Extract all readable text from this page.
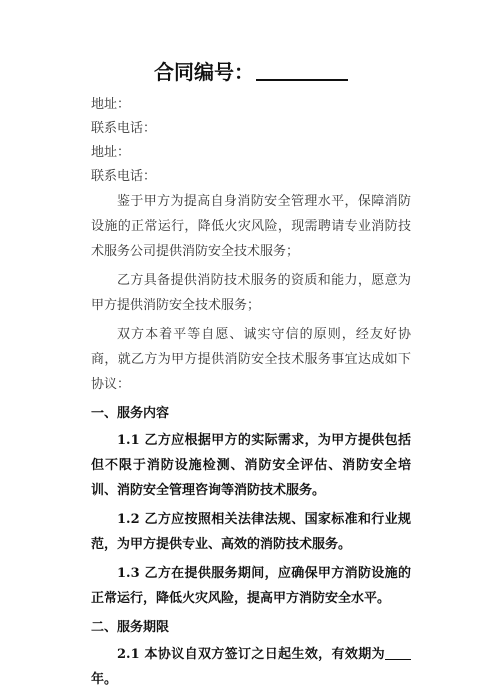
合同编号：

地址：

联系电话：

地址：

联系电话：

鉴于甲方为提高自身消防安全管理水平，保障消防设施的正常运行，降低火灾风险，现需聘请专业消防技术服务公司提供消防安全技术服务；

乙方具备提供消防技术服务的资质和能力，愿意为甲方提供消防安全技术服务；

双方本着平等自愿、诚实守信的原则，经友好协商，就乙方为甲方提供消防安全技术服务事宜达成如下协议：

一、服务内容

1.1 乙方应根据甲方的实际需求，为甲方提供包括但不限于消防设施检测、消防安全评估、消防安全培训、消防安全管理咨询等消防技术服务。

1.2 乙方应按照相关法律法规、国家标准和行业规范，为甲方提供专业、高效的消防技术服务。

1.3 乙方在提供服务期间，应确保甲方消防设施的正常运行，降低火灾风险，提高甲方消防安全水平。

二、服务期限

2.1 本协议自双方签订之日起生效，有效期为年。
